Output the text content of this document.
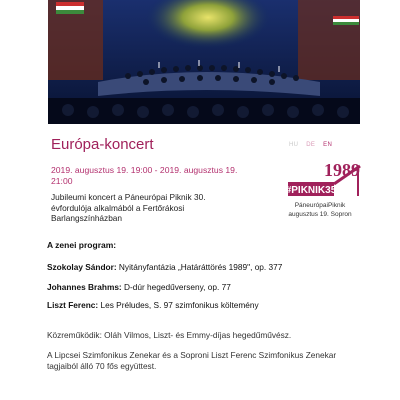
Európa-koncert	HU DE EN
2019. augusztus 19. 19:00 - 2019. augusztus 19. 21:00
Jubileumi koncert a Páneurópai Piknik 30. évfordulója alkalmából a Fertőrákosi Barlangszínházban
1989
#PIKNIK35
PáneurópaiPiknik
augusztus 19. Sopron
A zenei program:
Szokolay Sándor: Nyitányfantázia „Határáttörés 1989", op. 377
Johannes Brahms: D-dúr hegedűverseny, op. 77
Liszt Ferenc: Les Préludes, S. 97 szimfonikus költemény
Közreműködik: Oláh Vilmos, Liszt- és Emmy-díjas hegedűművész.
A Lipcsei Szimfonikus Zenekar és a Soproni Liszt Ferenc Szimfonikus Zenekar tagjaiból álló 70 fős együttest.
